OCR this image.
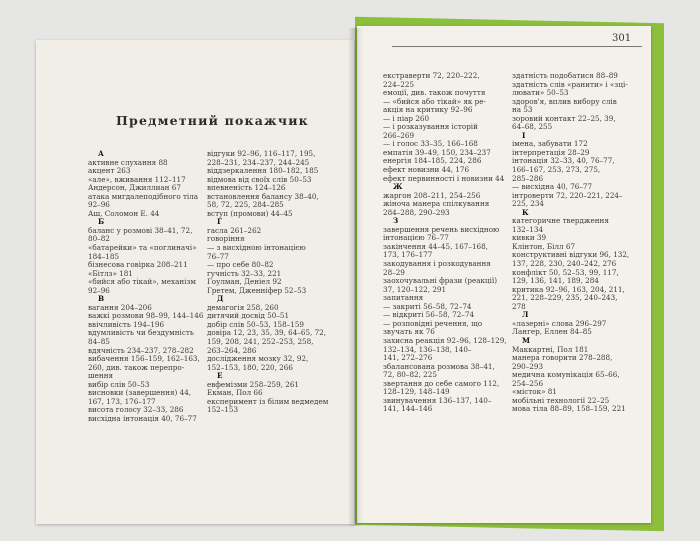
Предметний покажчик
301
А
активне слухання 88
акцент 263
«але», вживання 112–117
Андерсон, Джиллиан 67
атака мигдалеподібного тіла
92–96
Аш, Соломон Е. 44
Б
баланс у розмові 38–41, 72,
80–82
«батарейки» та «поглиначі»
184–185
бізнесова говірка 208–211
«Бітлз» 181
«бийся або тікай», механізм
92–96
В
вагання 204–206
важкі розмови 98–99, 144–146
ввічливість 194–196
вдумливість чи бездумність
84–85
вдячність 234–237, 278–282
вибачення 156–159, 162–163,
260, див. також перепро-
шення
вибір слів 50–53
висновки (завершення) 44,
167, 173, 176–177
висота голосу 32–33, 286
висхідна інтонація 40, 76–77
відгуки 92–96, 116–117, 195,
228–231, 234–237, 244–245
віддзеркалення 180–182, 185
відмова від своїх слів 50–53
впевненість 124–126
встановлення балансу 38–40,
58, 72, 225, 284–285
вступ (промови) 44–45
Г
гасла 261–262
говоріння
— з висхідною інтонацією
76–77
— про себе 80–82
гучність 32–33, 221
Гоулман, Деніел 92
Гретем, Дженніфер 52–53
Д
демагогія 258, 260
дитячий досвід 50–51
добір слів 50–53, 158–159
довіра 12, 23, 35, 39, 64–65, 72,
159, 208, 241, 252–253, 258,
263–264, 286
дослідження мозку 32, 92,
152–153, 180, 220, 266
Е
евфемізми 258–259, 261
Екман, Пол 66
експеримент із білим ведмедем
152–153
екстраверти 72, 220–222,
224–225
емоції, див. також почуття
— «бийся або тікай» як ре-
акція на критику 92–96
— і піар 260
— і розказування історій
266–269
— і голос 33–35, 166–168
емпатія 39–49, 150, 234–237
енергія 184–185, 224, 286
ефект новизни 44, 176
ефект первинності і новизни 44
Ж
жаргон 208–211, 254–256
жіноча манера спілкування
284–288, 290–293
З
завершення речень висхідною
інтонацією 76–77
закінчення 44–45, 167–168,
173, 176–177
закодування і розкодування
28–29
заохочувальні фрази (реакції)
37, 120–122, 291
запитання
— закриті 56–58, 72–74
— відкриті 56–58, 72–74
— розповідні речення, що
звучать як 76
захисна реакція 92–96, 128–129,
132–134, 136–138, 140–
141, 272–276
збалансована розмова 38–41,
72, 80–82, 225
звертання до себе самого 112,
128–129, 148–149
звинувачення 136–137, 140–
141, 144–146
здатність подобатися 88–89
здатність слів «ранити» і «зці-
лювати» 50–53
здоров'я, вплив вибору слів
на 53
зоровий контакт 22–25, 39,
64–68, 255
І
імена, забувати 172
інтерпретація 28–29
інтонація 32–33, 40, 76–77,
166–167, 253, 273, 275,
285–286
— висхідна 40, 76–77
інтроверти 72, 220–221, 224–
225, 234
К
категоричне твердження
132–134
кивки 39
Клінтон, Білл 67
конструктивні відгуки 96, 132,
137, 228, 230, 240–242, 276
конфлікт 50, 52–53, 99, 117,
129, 136, 141, 189, 284
критика 92–96, 163, 204, 211,
221, 228–229, 235, 240–243,
278
Л
«лазерні» слова 296–297
Лангер, Еллен 84–85
М
Маккартні, Пол 181
манера говорити 278–288,
290–293
медична комунікація 65–66,
254–256
«місток» 81
мобільні технології 22–25
мова тіла 88–89, 158–159, 221
